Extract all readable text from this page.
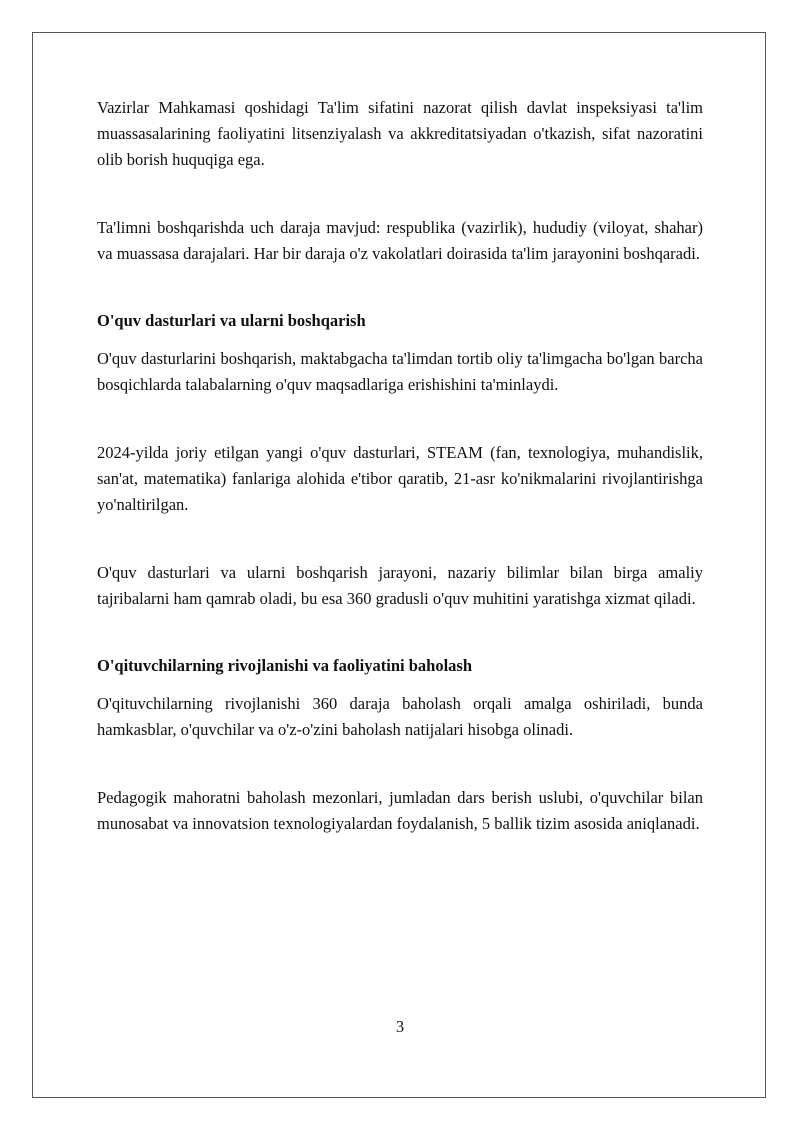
Vazirlar Mahkamasi qoshidagi Ta'lim sifatini nazorat qilish davlat inspeksiyasi ta'lim muassasalarining faoliyatini litsenziyalash va akkreditatsiyadan o'tkazish, sifat nazoratini olib borish huquqiga ega.

Ta'limni boshqarishda uch daraja mavjud: respublika (vazirlik), hududiy (viloyat, shahar) va muassasa darajalari. Har bir daraja o'z vakolatlari doirasida ta'lim jarayonini boshqaradi.

O'quv dasturlari va ularni boshqarish

O'quv dasturlarini boshqarish, maktabgacha ta'limdan tortib oliy ta'limgacha bo'lgan barcha bosqichlarda talabalarning o'quv maqsadlariga erishishini ta'minlaydi.

2024-yilda joriy etilgan yangi o'quv dasturlari, STEAM (fan, texnologiya, muhandislik, san'at, matematika) fanlariga alohida e'tibor qaratib, 21-asr ko'nikmalarini rivojlantirishga yo'naltirilgan.

O'quv dasturlari va ularni boshqarish jarayoni, nazariy bilimlar bilan birga amaliy tajribalarni ham qamrab oladi, bu esa 360 gradusli o'quv muhitini yaratishga xizmat qiladi.

O'qituvchilarning rivojlanishi va faoliyatini baholash

O'qituvchilarning rivojlanishi 360 daraja baholash orqali amalga oshiriladi, bunda hamkasblar, o'quvchilar va o'z-o'zini baholash natijalari hisobga olinadi.

Pedagogik mahoratni baholash mezonlari, jumladan dars berish uslubi, o'quvchilar bilan munosabat va innovatsion texnologiyalardan foydalanish, 5 ballik tizim asosida aniqlanadi.

3
